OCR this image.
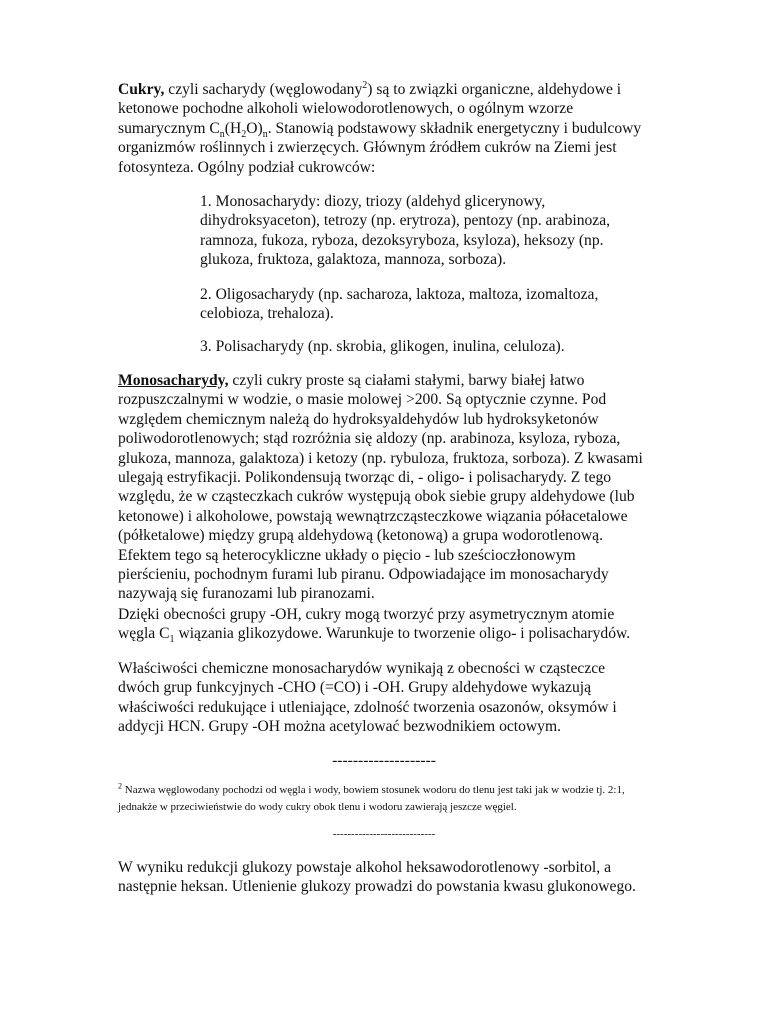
Cukry, czyli sacharydy (węglowodany$^2$) są to związki organiczne, aldehydowe i ketonowe pochodne alkoholi wielowodorotlenowych, o ogólnym wzorze sumarycznym $C_n(H_2O)_n$. Stanowią podstawowy składnik energetyczny i budulcowy organizmów roślinnych i zwierzęcych. Głównym źródłem cukrów na Ziemi jest fotosynteza. Ogólny podział cukrowców:

1. Monosacharydy: diozy, triozy (aldehyd glicerynowy, dihydroksyaceton), tetrozy (np. erytroza), pentozy (np. arabinoza, ramnoza, fukoza, ryboza, dezoksyryboza, ksyloza), heksozy (np. glukoza, fruktoza, galaktoza, mannoza, sorboza).

2. Oligosacharydy (np. sacharoza, laktoza, maltoza, izomaltoza, celobioza, trehaloza).

3. Polisacharydy (np. skrobia, glikogen, inulina, celuloza).

Monosacharydy, czyli cukry proste są ciałami stałymi, barwy białej łatwo rozpuszczalnymi w wodzie, o masie molowej >200. Są optycznie czynne. Pod względem chemicznym należą do hydroksyaldehydów lub hydroksyketonów poliwodorotlenowych; stąd rozróżnia się aldozy (np. arabinoza, ksyloza, ryboza, glukoza, mannoza, galaktoza) i ketozy (np. rybuloza, fruktoza, sorboza). Z kwasami ulegają estryfikacji. Polikondensują tworząc di, - oligo- i polisacharydy. Z tego względu, że w cząsteczkach cukrów występują obok siebie grupy aldehydowe (lub ketonowe) i alkoholowe, powstają wewnątrzcząsteczkowe wiązania półacetalowe (półketalowe) między grupą aldehydową (ketonową) a grupa wodorotlenową. Efektem tego są heterocykliczne układy o pięcio - lub sześcioczłonowym pierścieniu, pochodnym furami lub piranu. Odpowiadające im monosacharydy nazywają się furanozami lub piranozami.

Dzięki obecności grupy -OH, cukry mogą tworzyć przy asymetrycznym atomie węgla $C_1$ wiązania glikozydowe. Warunkuje to tworzenie oligo- i polisacharydów.

Właściwości chemiczne monosacharydów wynikają z obecności w cząsteczce dwóch grup funkcyjnych -CHO (=CO) i -OH. Grupy aldehydowe wykazują właściwości redukujące i utleniające, zdolność tworzenia osazonów, oksymów i addycji HCN. Grupy -OH można acetylować bezwodnikiem octowym.

--------------------

$^2$ Nazwa węglowodany pochodzi od węgla i wody, bowiem stosunek wodoru do tlenu jest taki jak w wodzie tj. 2:1, jednakże w przeciwieństwie do wody cukry obok tlenu i wodoru zawierają jeszcze węgiel.

----------------------------

W wyniku redukcji glukozy powstaje alkohol heksawodorotlenowy -sorbitol, a następnie heksan. Utlenienie glukozy prowadzi do powstania kwasu glukonowego.
